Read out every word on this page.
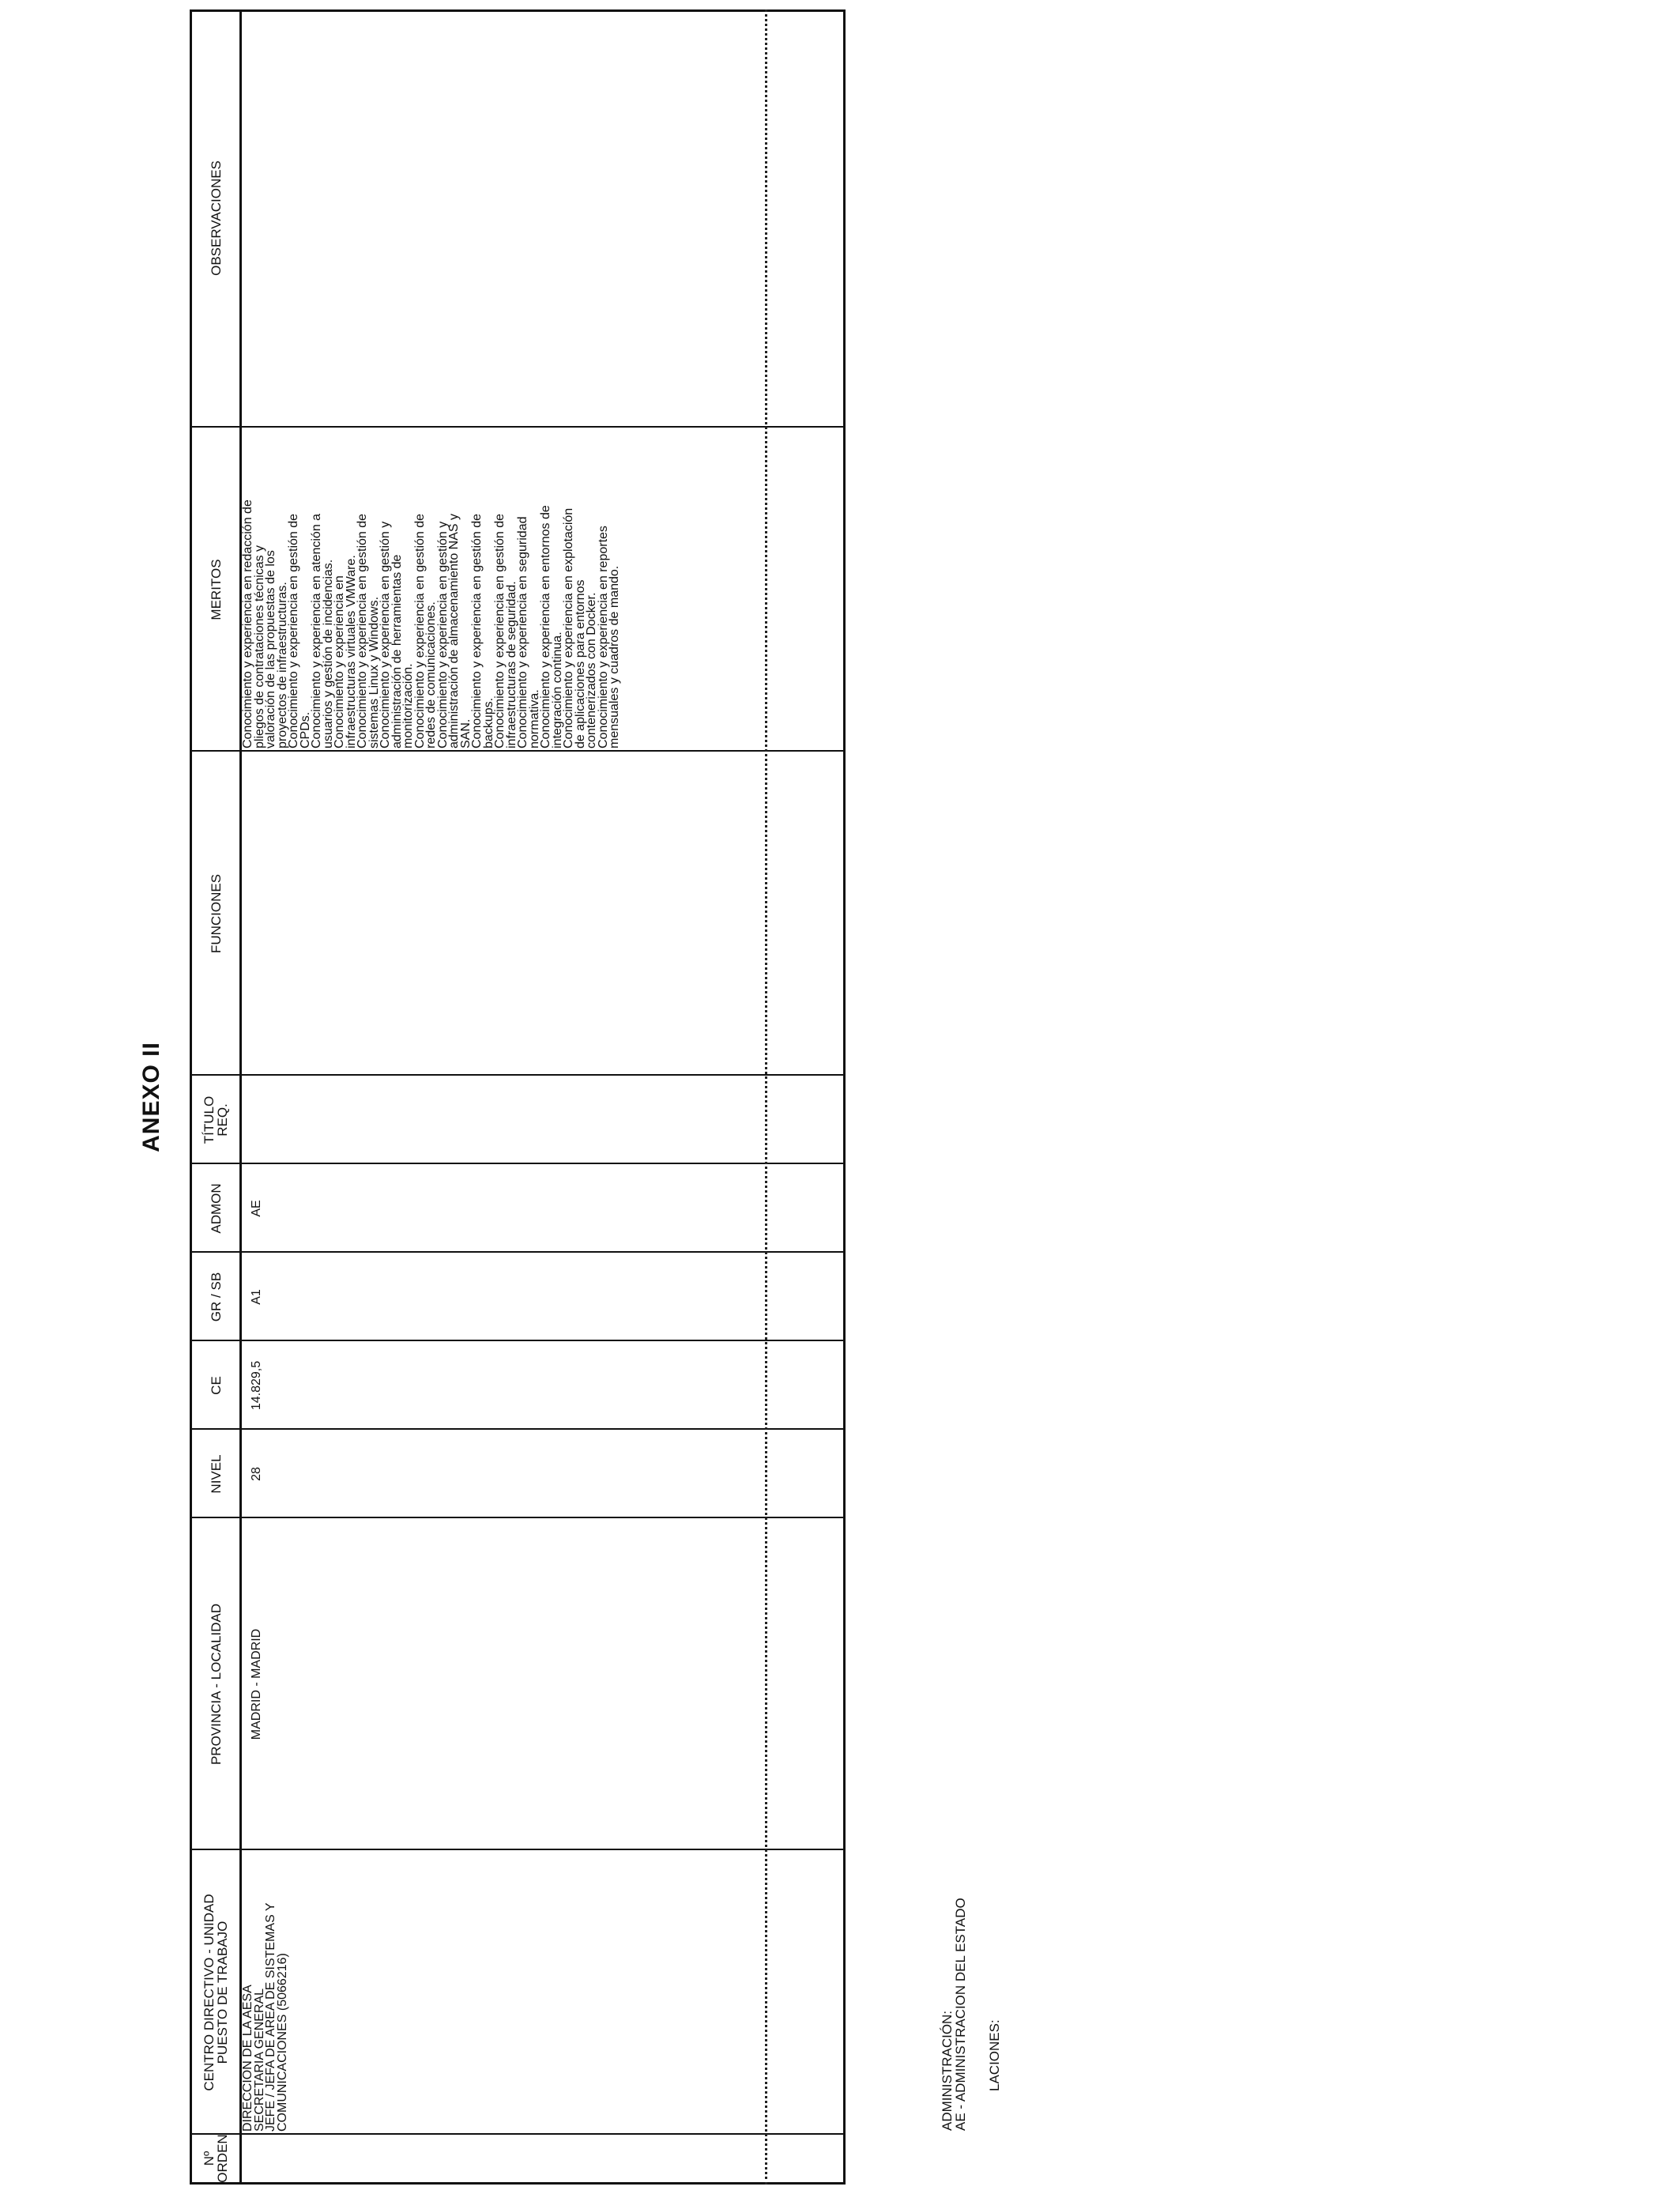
ANEXO II
Nº ORDEN
CENTRO DIRECTIVO - UNIDAD
PUESTO DE TRABAJO
PROVINCIA - LOCALIDAD
NIVEL
CE
GR / SB
ADMON
TÍTULO
REQ.
FUNCIONES
MERITOS
OBSERVACIONES
DIRECCION DE LA AESA
SECRETARIA GENERAL
JEFE / JEFA DE AREA DE SISTEMAS Y
COMUNICACIONES (5066216)
MADRID - MADRID
28
14.829,5
A1
AE
Conocimiento y experiencia en redacción de
pliegos de contrataciones técnicas y
valoración de las propuestas de los
proyectos de infraestructuras.
Conocimiento y experiencia en gestión de
CPDs.
Conocimiento y experiencia en atención a
usuarios y gestión de incidencias.
Conocimiento y experiencia en
infraestructuras virtuales VMWare.
Conocimiento y experiencia en gestión de
sistemas Linux y Windows.
Conocimiento y experiencia en gestión y
administración de herramientas de
monitorización.
Conocimiento y experiencia en gestión de
redes de comunicaciones.
Conocimiento y experiencia en gestión y
administración de almacenamiento NAS y
SAN.
Conocimiento y experiencia en gestión de
backups.
Conocimiento y experiencia en gestión de
infraestructuras de seguridad.
Conocimiento y experiencia en seguridad
normativa.
Conocimiento y experiencia en entornos de
integración continua.
Conocimiento y experiencia en explotación
de aplicaciones para entornos
contenerizados con Docker.
Conocimiento y experiencia en reportes
mensuales y cuadros de mando.
ADMINISTRACIÓN:
AE - ADMINISTRACION DEL ESTADO LACIONES:
